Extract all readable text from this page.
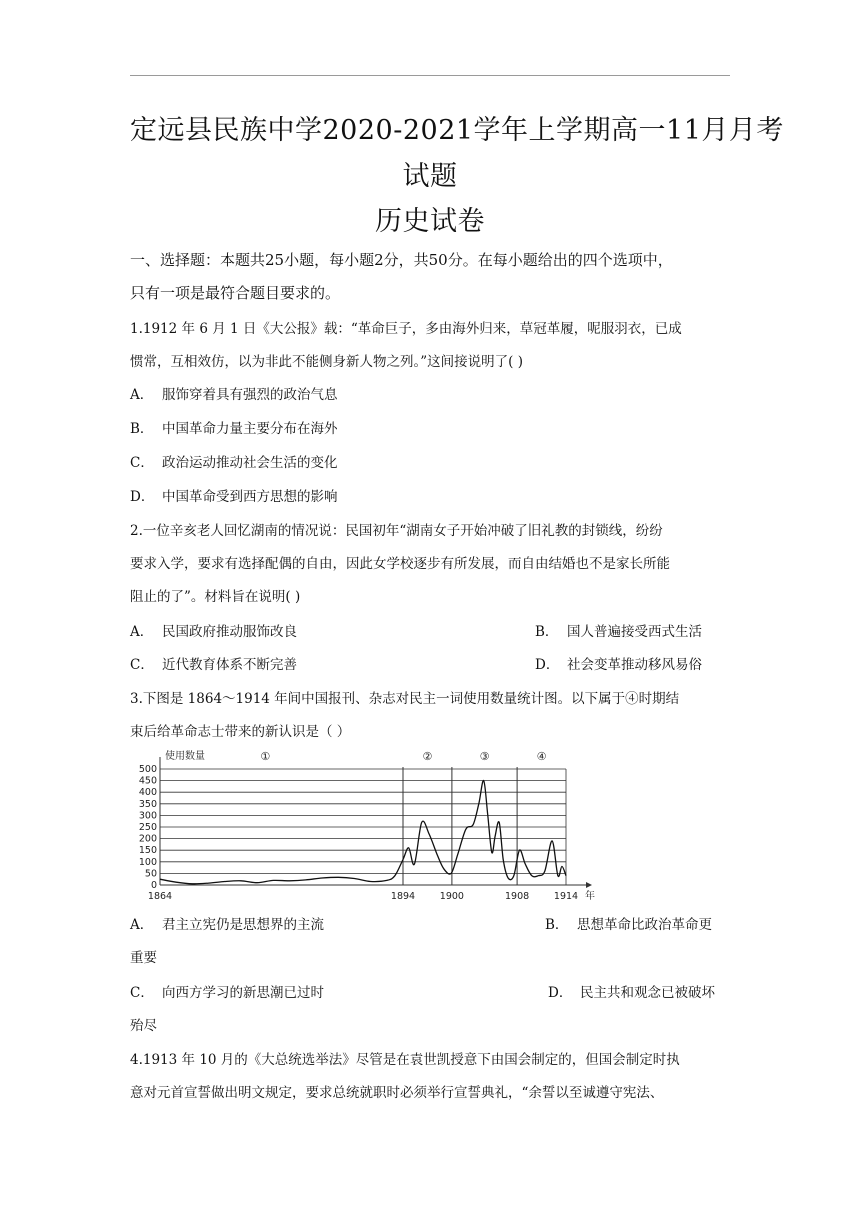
定远县民族中学2020-2021学年上学期高一11月月考
试题
历史试卷
一、选择题：本题共25小题，每小题2分，共50分。在每小题给出的四个选项中，
只有一项是最符合题目要求的。
1.1912 年 6 月 1 日《大公报》载：“革命巨子，多由海外归来，草冠革履，呢服羽衣，已成
惯常，互相效仿，以为非此不能侧身新人物之列。”这间接说明了( )
A． 服饰穿着具有强烈的政治气息
B． 中国革命力量主要分布在海外
C． 政治运动推动社会生活的变化
D． 中国革命受到西方思想的影响
2.一位辛亥老人回忆湖南的情况说：民国初年“湖南女子开始冲破了旧礼教的封锁线，纷纷
要求入学，要求有选择配偶的自由，因此女学校逐步有所发展，而自由结婚也不是家长所能
阻止的了”。材料旨在说明( )
A． 民国政府推动服饰改良	B． 国人普遍接受西式生活
C． 近代教育体系不断完善	D． 社会变革推动移风易俗
3.下图是 1864～1914 年间中国报刊、杂志对民主一词使用数量统计图。以下属于④时期结
束后给革命志士带来的新认识是（ ）
0
50
100
150
200
250
300
350
400
450
500
使用数量	①	②	③	④
1864	1894	1900	1908	1914 年
A． 君主立宪仍是思想界的主流	B． 思想革命比政治革命更
重要
C． 向西方学习的新思潮已过时	D． 民主共和观念已被破坏
殆尽
4.1913 年 10 月的《大总统选举法》尽管是在袁世凯授意下由国会制定的，但国会制定时执
意对元首宣誓做出明文规定，要求总统就职时必须举行宣誓典礼，“余誓以至诚遵守宪法、
